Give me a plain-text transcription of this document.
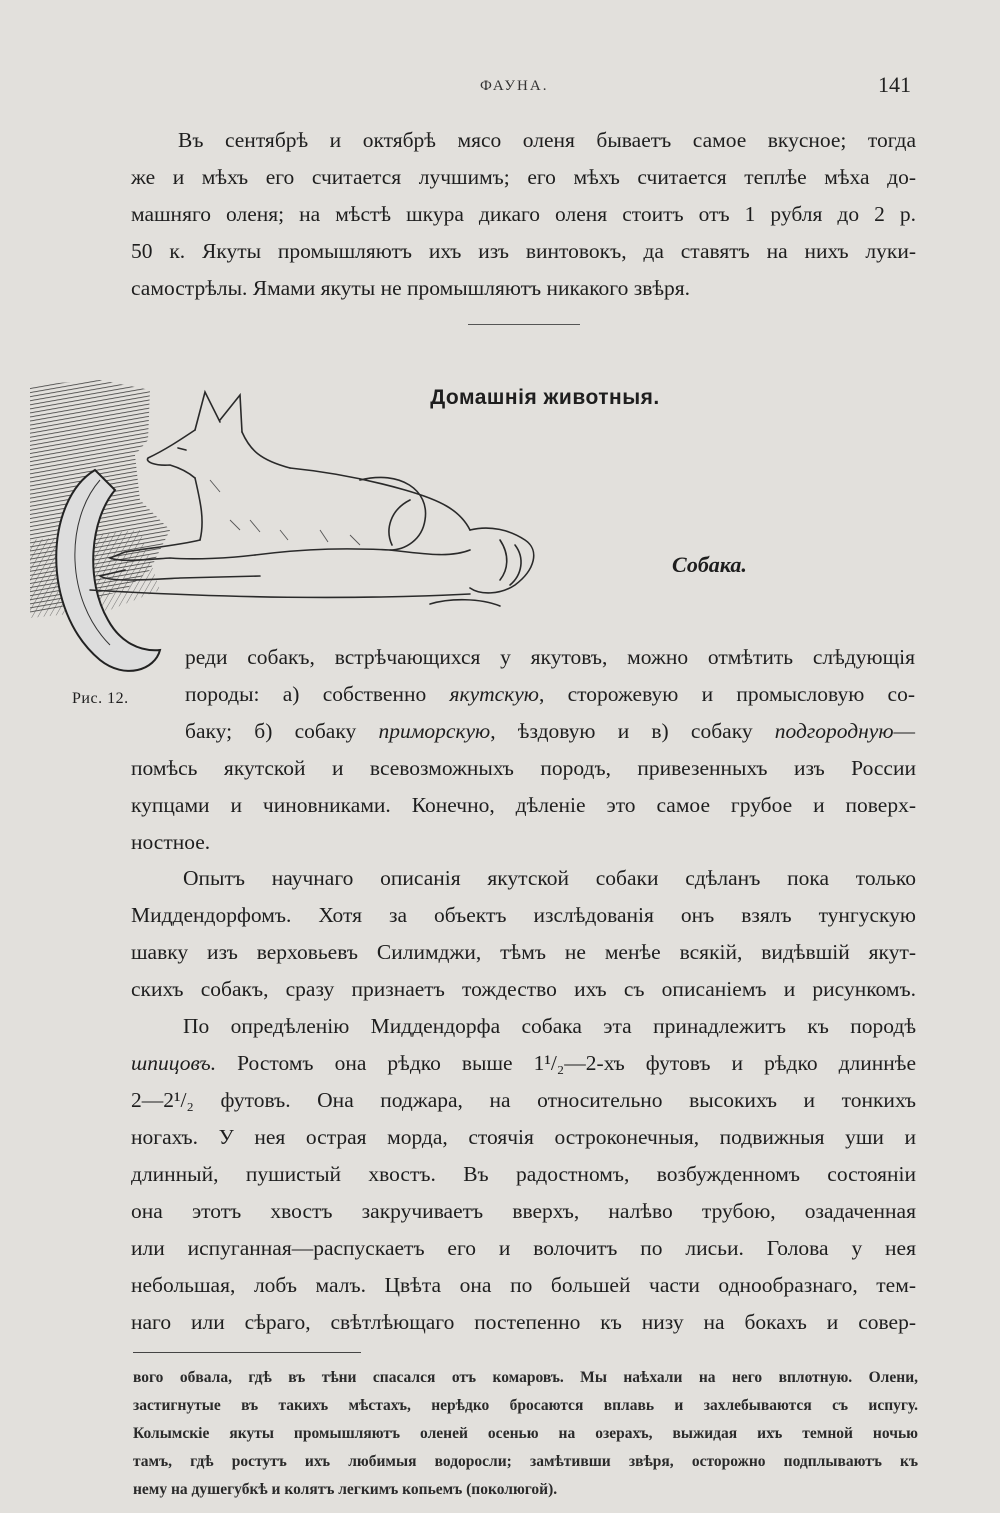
ФАУНА.	141
Въ сентябрѣ и октябрѣ мясо оленя бываетъ самое вкусное; тогда
же и мѣхъ его считается лучшимъ; его мѣхъ считается теплѣе мѣха до-
машняго оленя; на мѣстѣ шкура дикаго оленя стоитъ отъ 1 рубля до 2 р.
50 к. Якуты промышляютъ ихъ изъ винтовокъ, да ставятъ на нихъ луки-
самострѣлы. Ямами якуты не промышляютъ никакого звѣря.
Домашнія животныя.
Собака.
Рис. 12.
реди собакъ, встрѣчающихся у якутовъ, можно отмѣтить слѣдующія
породы: а) собственно якутскую, сторожевую и промысловую со-
баку; б) собаку приморскую, ѣздовую и в) собаку подгородную—
помѣсь якутской и всевозможныхъ породъ, привезенныхъ изъ России
купцами и чиновниками. Конечно, дѣленіе это самое грубое и поверх-
ностное.
Опытъ научнаго описанія якутской собаки сдѣланъ пока только
Миддендорфомъ. Хотя за объектъ изслѣдованія онъ взялъ тунгускую
шавку изъ верховьевъ Силимджи, тѣмъ не менѣе всякій, видѣвшій якут-
скихъ собакъ, сразу признаетъ тождество ихъ съ описаніемъ и рисункомъ.
По опредѣленію Миддендорфа собака эта принадлежитъ къ породѣ
шпицовъ. Ростомъ она рѣдко выше 1¹/₂—2-хъ футовъ и рѣдко длиннѣе
2—2¹/₂ футовъ. Она поджара, на относительно высокихъ и тонкихъ
ногахъ. У нея острая морда, стоячія остроконечныя, подвижныя уши и
длинный, пушистый хвостъ. Въ радостномъ, возбужденномъ состояніи
она этотъ хвостъ закручиваетъ вверхъ, налѣво трубою, озадаченная
или испуганная—распускаетъ его и волочитъ по лисьи. Голова у нея
небольшая, лобъ малъ. Цвѣта она по большей части однообразнаго, тем-
наго или сѣраго, свѣтлѣющаго постепенно къ низу на бокахъ и совер-
вого обвала, гдѣ въ тѣни спасался отъ комаровъ. Мы наѣхали на него вплотную. Олени,
застигнутые въ такихъ мѣстахъ, нерѣдко бросаются вплавь и захлебываются съ испугу.
Колымскіе якуты промышляютъ оленей осенью на озерахъ, выжидая ихъ темной ночью
тамъ, гдѣ ростутъ ихъ любимыя водоросли; замѣтивши звѣря, осторожно подплываютъ къ
нему на душегубкѣ и колятъ легкимъ копьемъ (поколюгой).
